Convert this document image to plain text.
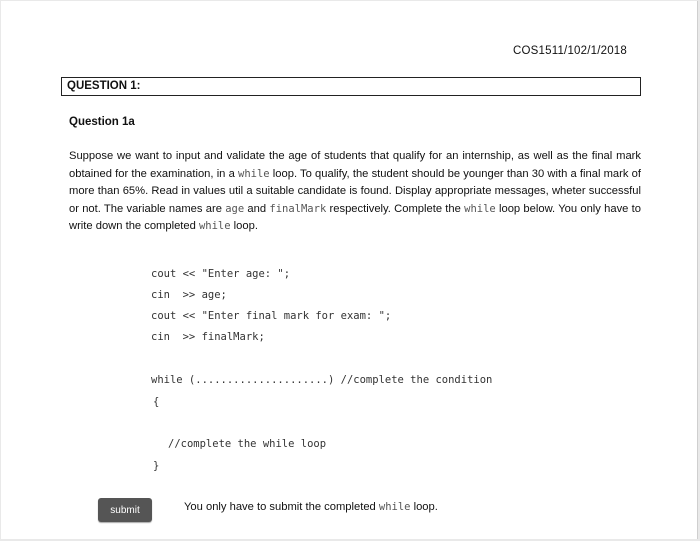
COS1511/102/1/2018
QUESTION 1:
Question 1a
Suppose we want to input and validate the age of students that qualify for an internship, as well as the final mark obtained for the examination, in a while loop. To qualify, the student should be younger than 30 with a final mark of more than 65%. Read in values util a suitable candidate is found. Display appropriate messages, wheter successful or not. The variable names are age and finalMark respectively. Complete the while loop below. You only have to write down the completed while loop.
cout << "Enter age: ";
cin  >> age;
cout << "Enter final mark for exam: ";
cin  >> finalMark;
while (.....................) //complete the condition
{
//complete the while loop
}
submit	You only have to submit the completed while loop.
